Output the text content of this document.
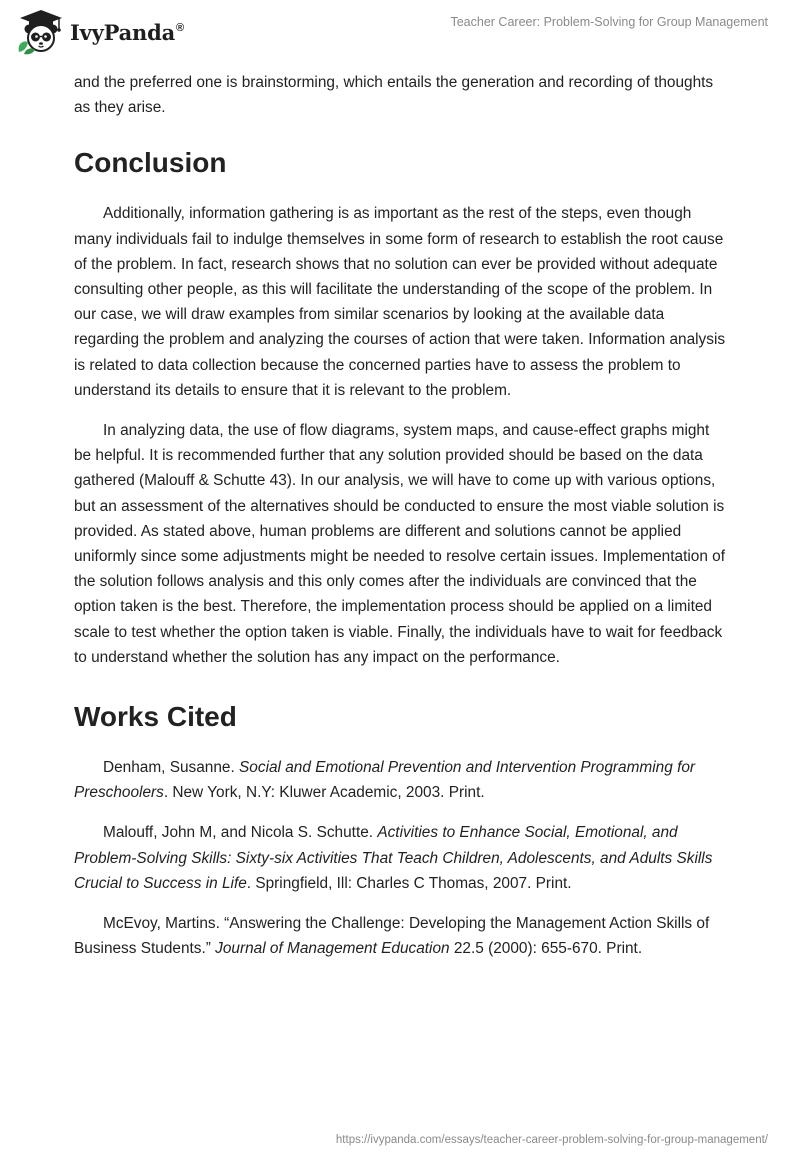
IvyPanda®	Teacher Career: Problem-Solving for Group Management

and the preferred one is brainstorming, which entails the generation and recording of thoughts as they arise.

Conclusion

Additionally, information gathering is as important as the rest of the steps, even though many individuals fail to indulge themselves in some form of research to establish the root cause of the problem. In fact, research shows that no solution can ever be provided without adequate consulting other people, as this will facilitate the understanding of the scope of the problem. In our case, we will draw examples from similar scenarios by looking at the available data regarding the problem and analyzing the courses of action that were taken. Information analysis is related to data collection because the concerned parties have to assess the problem to understand its details to ensure that it is relevant to the problem.

In analyzing data, the use of flow diagrams, system maps, and cause-effect graphs might be helpful. It is recommended further that any solution provided should be based on the data gathered (Malouff & Schutte 43). In our analysis, we will have to come up with various options, but an assessment of the alternatives should be conducted to ensure the most viable solution is provided. As stated above, human problems are different and solutions cannot be applied uniformly since some adjustments might be needed to resolve certain issues. Implementation of the solution follows analysis and this only comes after the individuals are convinced that the option taken is the best. Therefore, the implementation process should be applied on a limited scale to test whether the option taken is viable. Finally, the individuals have to wait for feedback to understand whether the solution has any impact on the performance.

Works Cited

Denham, Susanne. Social and Emotional Prevention and Intervention Programming for Preschoolers. New York, N.Y: Kluwer Academic, 2003. Print.

Malouff, John M, and Nicola S. Schutte. Activities to Enhance Social, Emotional, and Problem-Solving Skills: Sixty-six Activities That Teach Children, Adolescents, and Adults Skills Crucial to Success in Life. Springfield, Ill: Charles C Thomas, 2007. Print.

McEvoy, Martins. “Answering the Challenge: Developing the Management Action Skills of Business Students.” Journal of Management Education 22.5 (2000): 655-670. Print.

https://ivypanda.com/essays/teacher-career-problem-solving-for-group-management/
